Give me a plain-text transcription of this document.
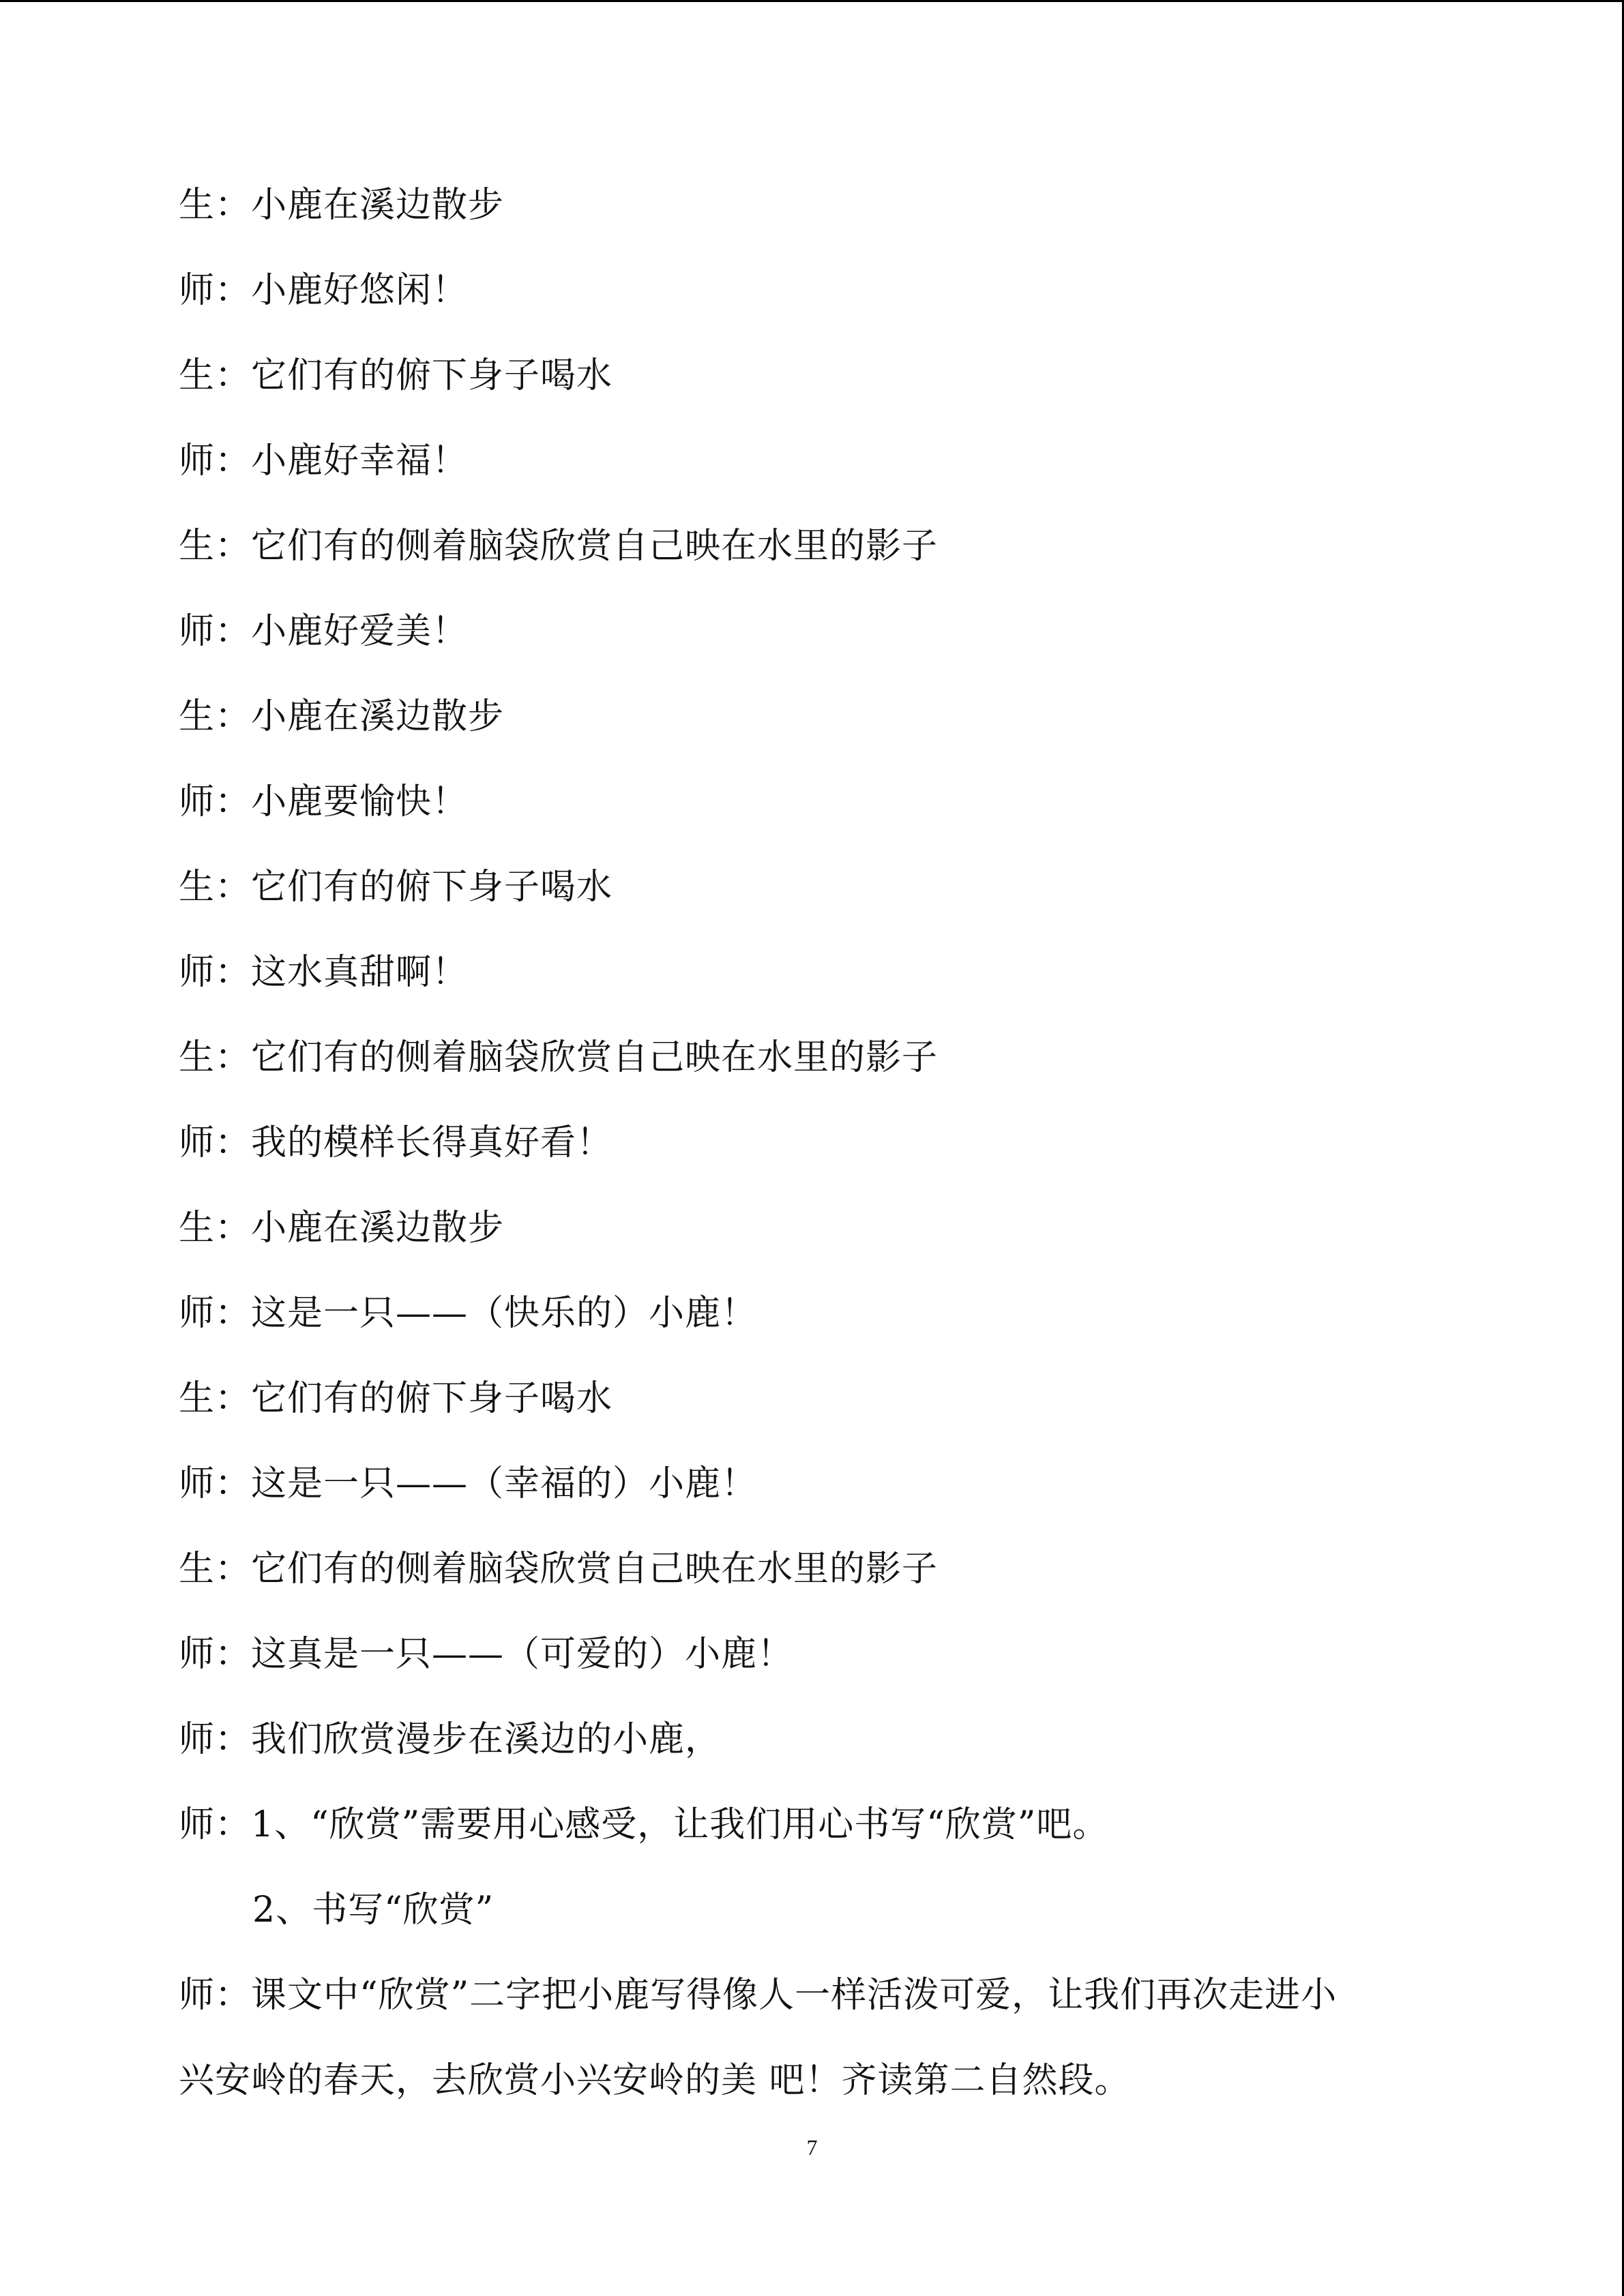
生：小鹿在溪边散步

师：小鹿好悠闲！

生：它们有的俯下身子喝水

师：小鹿好幸福！

生：它们有的侧着脑袋欣赏自己映在水里的影子

师：小鹿好爱美！

生：小鹿在溪边散步

师：小鹿要愉快！

生：它们有的俯下身子喝水

师：这水真甜啊！

生：它们有的侧着脑袋欣赏自己映在水里的影子

师：我的模样长得真好看！

生：小鹿在溪边散步

师：这是一只——（快乐的）小鹿！

生：它们有的俯下身子喝水

师：这是一只——（幸福的）小鹿！

生：它们有的侧着脑袋欣赏自己映在水里的影子

师：这真是一只——（可爱的）小鹿！

师：我们欣赏漫步在溪边的小鹿，

师：1、“欣赏”需要用心感受，让我们用心书写“欣赏”吧。

2、书写“欣赏”

师：课文中“欣赏”二字把小鹿写得像人一样活泼可爱，让我们再次走进小

兴安岭的春天，去欣赏小兴安岭的美 吧！齐读第二自然段。

7
